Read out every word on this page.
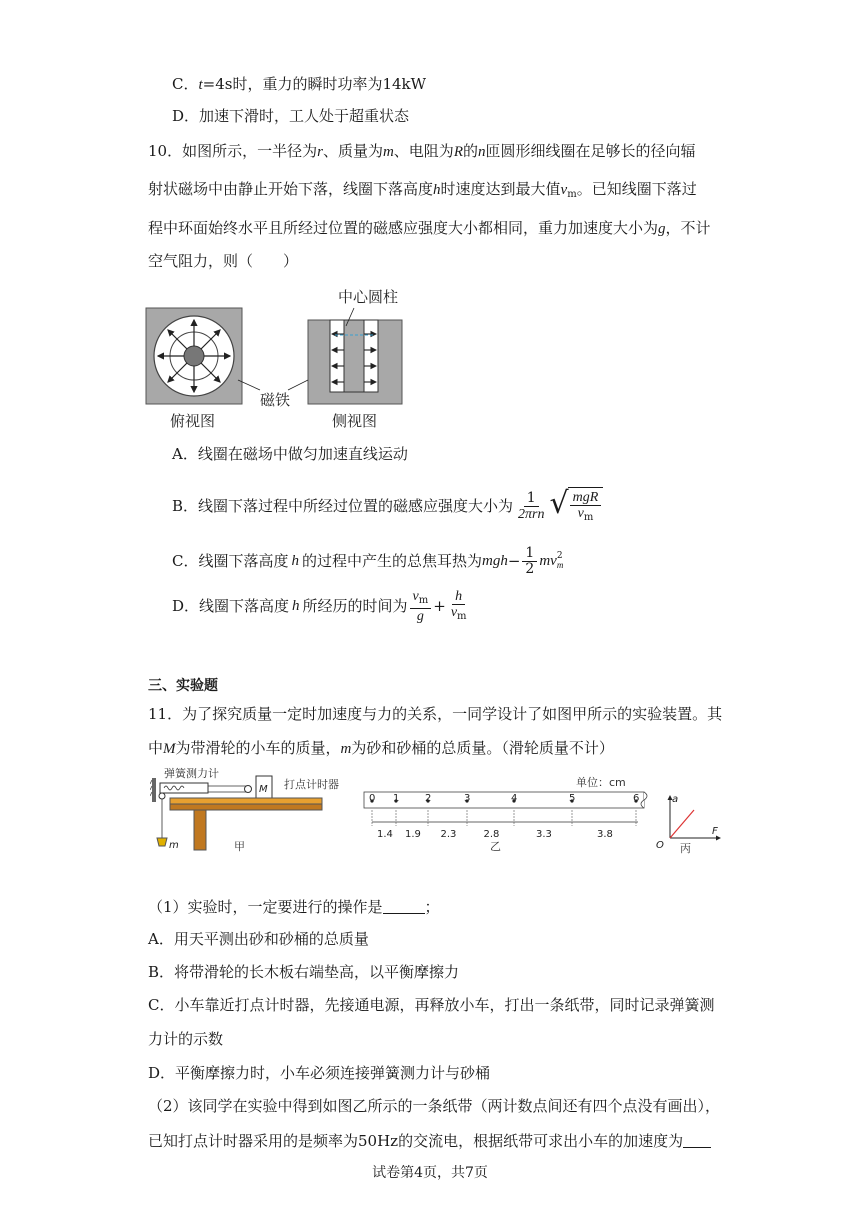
C．t=4s时，重力的瞬时功率为14kW
D．加速下滑时，工人处于超重状态
10．如图所示，一半径为r、质量为m、电阻为R的n匝圆形细线圈在足够长的径向辐
射状磁场中由静止开始下落，线圈下落高度h时速度达到最大值$v_m$。已知线圈下落过
程中环面始终水平且所经过位置的磁感应强度大小都相同，重力加速度大小为g，不计
空气阻力，则（　　）
中心圆柱
磁铁
俯视图	侧视图
A．线圈在磁场中做匀加速直线运动
B．线圈下落过程中所经过位置的磁感应强度大小为 $\frac{1}{\text{2πrn}}$ √ $\frac{\text{mgR}}{v_m}$
C．线圈下落高度 h 的过程中产生的总焦耳热为 mgh − $\frac{1}{2}$ mv 2
m
D．线圈下落高度 h 所经历的时间为 $\frac{v_m}{g} + \frac{h}{v_m}$
三、实验题
11．为了探究质量一定时加速度与力的关系，一同学设计了如图甲所示的实验装置。其
中M为带滑轮的小车的质量，m为砂和砂桶的总质量。（滑轮质量不计）
弹簧测力计
M 打点计时器
m	甲
单位：cm
0 1	2	3	4	5	6
1.4 1.9 2.3	2.8	3.3	3.8
乙
a
F
O 丙
（1）实验时，一定要进行的操作是	；
A．用天平测出砂和砂桶的总质量
B．将带滑轮的长木板右端垫高，以平衡摩擦力
C．小车靠近打点计时器，先接通电源，再释放小车，打出一条纸带，同时记录弹簧测
力计的示数
D．平衡摩擦力时，小车必须连接弹簧测力计与砂桶
（2）该同学在实验中得到如图乙所示的一条纸带（两计数点间还有四个点没有画出），
已知打点计时器采用的是频率为50Hz的交流电，根据纸带可求出小车的加速度为
试卷第4页，共7页
